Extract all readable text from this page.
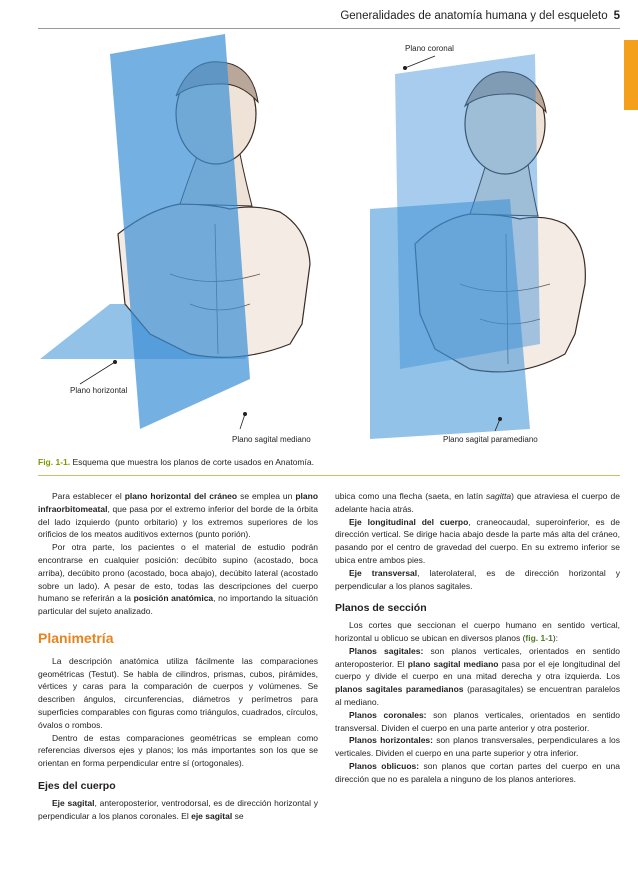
Generalidades de anatomía humana y del esqueleto 5
Plano coronal
Plano horizontal
Plano sagital mediano	Plano sagital paramediano
Fig. 1-1. Esquema que muestra los planos de corte usados en Anatomía.

Para establecer el plano horizontal del cráneo se emplea un plano infraorbitomeatal, que pasa por el extremo inferior del borde de la órbita del lado izquierdo (punto orbitario) y los extremos superiores de los orificios de los meatos auditivos externos (punto porión).

Por otra parte, los pacientes o el material de estudio podrán encontrarse en cualquier posición: decúbito supino (acostado, boca arriba), decúbito prono (acostado, boca abajo), decúbito lateral (acostado sobre un lado). A pesar de esto, todas las descripciones del cuerpo humano se referirán a la posición anatómica, no importando la situación particular del sujeto analizado.

Planimetría

La descripción anatómica utiliza fácilmente las comparaciones geométricas (Testut). Se habla de cilindros, prismas, cubos, pirámides, vértices y caras para la comparación de cuerpos y volúmenes. Se describen ángulos, circunferencias, diámetros y perímetros para superficies comparables con figuras como triángulos, cuadrados, círculos, óvalos o rombos.

Dentro de estas comparaciones geométricas se emplean como referencias diversos ejes y planos; los más importantes son los que se orientan en forma perpendicular entre sí (ortogonales).

Ejes del cuerpo

Eje sagital, anteroposterior, ventrodorsal, es de dirección horizontal y perpendicular a los planos coronales. El eje sagital se

ubica como una flecha (saeta, en latín sagitta) que atraviesa el cuerpo de adelante hacia atrás.

Eje longitudinal del cuerpo, craneocaudal, superoinferior, es de dirección vertical. Se dirige hacia abajo desde la parte más alta del cráneo, pasando por el centro de gravedad del cuerpo. En su extremo inferior se ubica entre ambos pies.

Eje transversal, laterolateral, es de dirección horizontal y perpendicular a los planos sagitales.

Planos de sección

Los cortes que seccionan el cuerpo humano en sentido vertical, horizontal u oblicuo se ubican en diversos planos (fig. 1-1):

Planos sagitales: son planos verticales, orientados en sentido anteroposterior. El plano sagital mediano pasa por el eje longitudinal del cuerpo y divide el cuerpo en una mitad derecha y otra izquierda. Los planos sagitales paramedianos (parasagitales) se encuentran paralelos al mediano.

Planos coronales: son planos verticales, orientados en sentido transversal. Dividen el cuerpo en una parte anterior y otra posterior.

Planos horizontales: son planos transversales, perpendiculares a los verticales. Dividen el cuerpo en una parte superior y otra inferior.

Planos oblicuos: son planos que cortan partes del cuerpo en una dirección que no es paralela a ninguno de los planos anteriores.
